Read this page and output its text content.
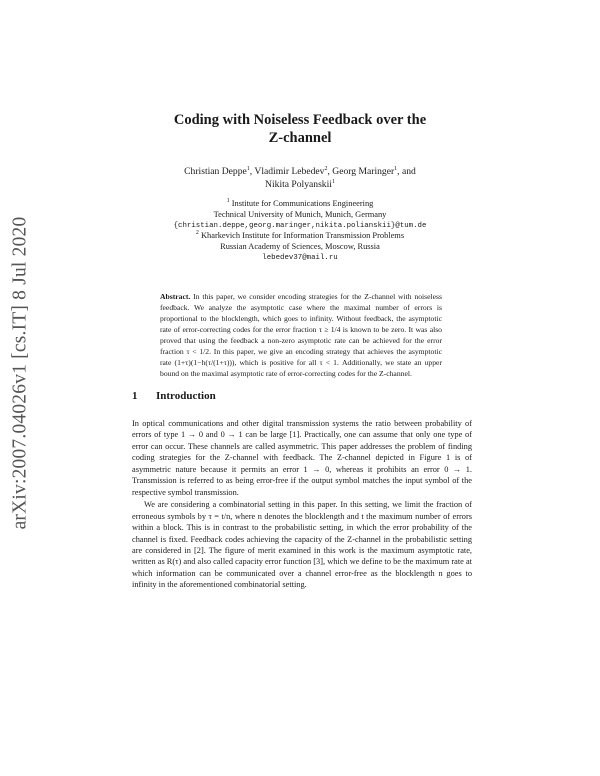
arXiv:2007.04026v1 [cs.IT] 8 Jul 2020
Coding with Noiseless Feedback over the
Z-channel
Christian Deppe$^1$, Vladimir Lebedev$^2$, Georg Maringer$^1$, and
Nikita Polyanskii$^1$
$^1$ Institute for Communications Engineering
Technical University of Munich, Munich, Germany
{christian.deppe,georg.maringer,nikita.polianskii}@tum.de
$^2$ Kharkevich Institute for Information Transmission Problems
Russian Academy of Sciences, Moscow, Russia
lebedev37@mail.ru
Abstract. In this paper, we consider encoding strategies for the Z-channel with noiseless feedback. We analyze the asymptotic case where the maximal number of errors is proportional to the blocklength, which goes to infinity. Without feedback, the asymptotic rate of error-correcting codes for the error fraction τ ≥ 1/4 is known to be zero. It was also proved that using the feedback a non-zero asymptotic rate can be achieved for the error fraction τ < 1/2. In this paper, we give an encoding strategy that achieves the asymptotic rate (1+τ)(1−h(τ/(1+τ))), which is positive for all τ < 1. Additionally, we state an upper bound on the maximal asymptotic rate of error-correcting codes for the Z-channel.
1 Introduction

In optical communications and other digital transmission systems the ratio between probability of errors of type 1 → 0 and 0 → 1 can be large [1]. Practically, one can assume that only one type of error can occur. These channels are called asymmetric. This paper addresses the problem of finding coding strategies for the Z-channel with feedback. The Z-channel depicted in Figure 1 is of asymmetric nature because it permits an error 1 → 0, whereas it prohibits an error 0 → 1. Transmission is referred to as being error-free if the output symbol matches the input symbol of the respective symbol transmission.

We are considering a combinatorial setting in this paper. In this setting, we limit the fraction of erroneous symbols by τ = t/n, where n denotes the blocklength and t the maximum number of errors within a block. This is in contrast to the probabilistic setting, in which the error probability of the channel is fixed. Feedback codes achieving the capacity of the Z-channel in the probabilistic setting are considered in [2]. The figure of merit examined in this work is the maximum asymptotic rate, written as R(τ) and also called capacity error function [3], which we define to be the maximum rate at which information can be communicated over a channel error-free as the blocklength n goes to infinity in the aforementioned combinatorial setting.
